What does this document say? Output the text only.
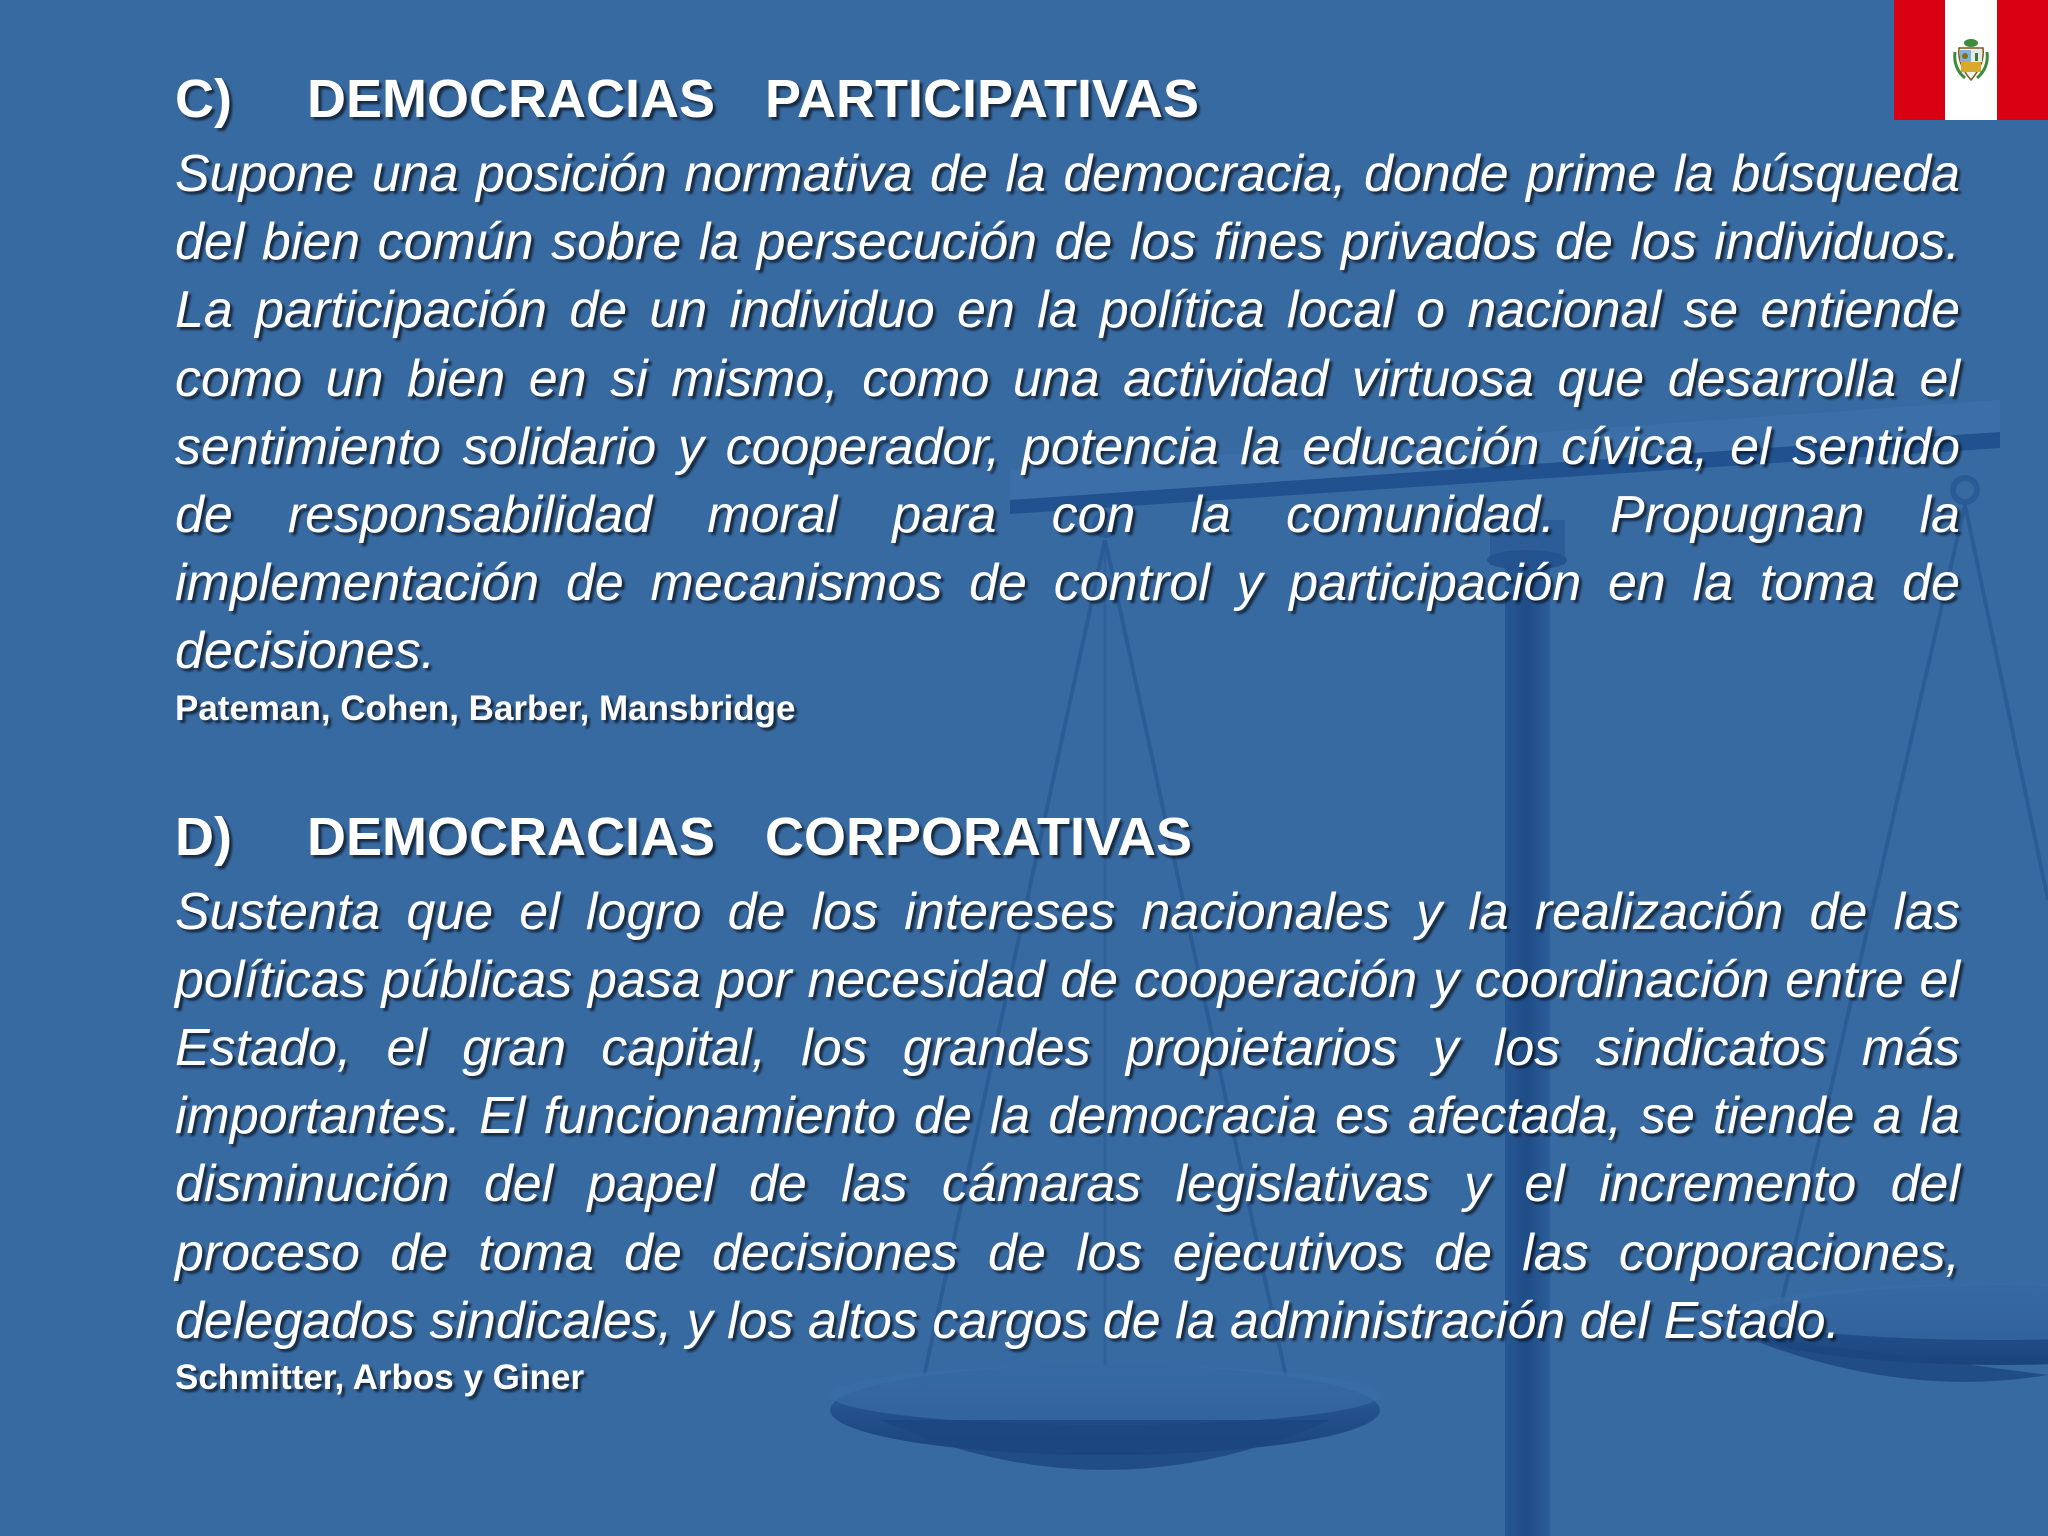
C)   DEMOCRACIAS  PARTICIPATIVAS

Supone una posición normativa de la democracia, donde prime la búsqueda del bien común sobre la persecución de los fines privados de los individuos. La participación de un individuo en la política local o nacional se entiende como un bien en si mismo, como una actividad virtuosa que desarrolla el sentimiento solidario y cooperador, potencia la educación cívica, el sentido de responsabilidad moral para con la comunidad. Propugnan la implementación de mecanismos de control y participación en la toma de decisiones.

Pateman, Cohen, Barber, Mansbridge

D)   DEMOCRACIAS  CORPORATIVAS

Sustenta que el logro de los intereses nacionales y la realización de las políticas públicas pasa por necesidad de cooperación y coordinación entre el Estado, el gran capital, los grandes propietarios y los sindicatos más importantes. El funcionamiento de la democracia es afectada, se tiende a la disminución del papel de las cámaras legislativas y el incremento del proceso de toma de decisiones de los ejecutivos de las corporaciones, delegados sindicales, y los altos cargos de la administración del Estado.

Schmitter, Arbos y Giner
